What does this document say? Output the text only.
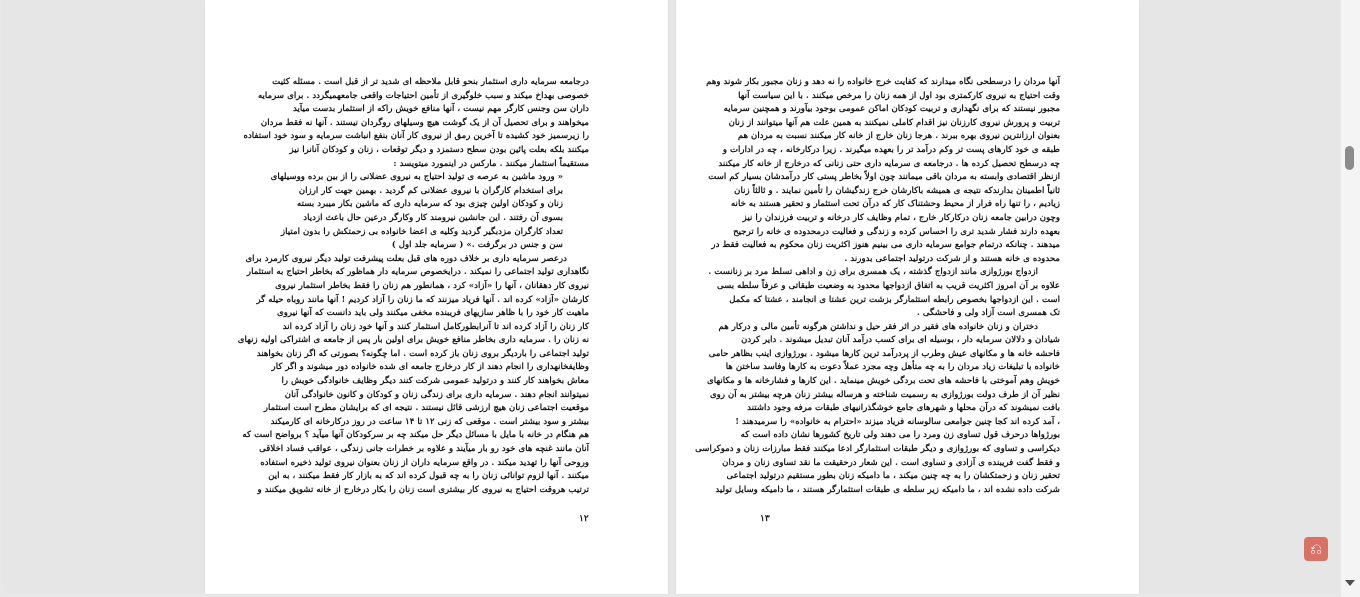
درجامعه سرمایه داری استثمار بنحو قابل ملاحظه ای شدید تر از قبل است . مسئله کثیت
خصوصی بهداخ میکند و سبب خلوگیری از تأمین احتیاجات واقعی جامعهمیگردد . برای سرمایه
داران سن وجنس کارگر مهم نیست ، آنها منافع خویش راکه از استثمار بدست میآید
میخواهند و برای تحصیل آن از یک گوشت هیچ وسیلهای روگردان نیستند . آنها نه فقط مردان
را زیرسمیز خود کشیده تا آخرین رمق از نیروی کار آنان بنفع انباشت سرمایه و سود خود استفاده
میکنند بلکه بعلت پائین بودن سطح دستمزد و دیگر توقعات ، زنان و کودکان آنانرا نیز
مستقیماً استثمار میکنند . مارکس در اینمورد میتویسد :
« ورود ماشین به عرصه ی تولید احتیاج به نیروی عضلانی را از بین برده ووسیلهای
برای استخدام کارگران با نیروی عضلانی کم گردید . بهمین جهت کار ارزان
زنان و کودکان اولین چیزی بود که سرمایه داری که ماشین بکار میبرد بسته
بسوی آن رفتند . این جانشین نیرومند کار وکارگر درعین حال باعث ازدیاد
تعداد کارگران مزدبگیر گردید وکلیه ی اعضا خانواده بی زحمتکش را بدون امتیاز
سن و جنس در برگرفت .» ( سرمایه جلد اول )
درعصر سرمایه داری بر خلاف دوره های قبل بعلت پیشرفت تولید دیگر نیروی کارمرد برای
نگاهداری تولید اجتماعی را نمیکند . درایخصوص سرمایه دار هماظور که بخاطر احتیاج به استثمار
نیروی کار دهقانان ، آنها را «آزاد» کرد ، همانطور هم زنان را فقط بخاطر استثمار نیروی
کارشان «آزاد» کرده اند . آنها فریاد میزنند که ما زنان را آزاد کردیم ! آنها مانند روباه حیله گر
ماهیت کار خود را با ظاهر سازیهای فریبنده مخفی میکنند ولی باید دانست که آنها نیروی
کار زنان را آزاد کرده اند تا آنرابطورکامل استثمار کنند و آنها خود زنان را آزاد کرده اند
نه زنان را . سرمایه داری بخاطر منافع خویش برای اولین بار پس از جامعه ی اشتراکی اولیه زنهای
تولید اجتماعی را باردیگر بروی زنان باز کرده است . اما چگونه؟ بصورتی که اگر زنان بخواهند
وظایفخانهداری را انجام دهند از کار درخارج جامعه ای شده خانواده دور میشوند و اگر کار
معاش بخواهند کار کنند و درتولید عمومی شرکت کنند دیگر وظایف خانوادگی خویش را
نمیتوانند انجام دهند . سرمایه داری برای زندگی زنان و کودکان و کانون خانوادگی آنان
موقعیت اجتماعی زنان هیچ ارزشی قائل نیستند . نتیجه ای که برایشان مطرح است استثمار
بیشتر و سود بیشتر است . موقعی که زنی ۱۲ تا ۱۴ ساعت در روز درکارخانه ای کارمیکند
هم هنگام در خانه با مایل با مسائل دیگر حل میکند چه بر سرکودکان آنها میآید ؟ برواضح است که
آنان مانند غنچه های خود رو بار میآیند و علاوه بر خطرات جانی زندگی ، عواقب فساد اخلاقی
وروحی آنها را تهدید میکند . در واقع سرمایه داران از زنان بعنوان نیروی تولید ذخیره استفاده
میکنند . آنها لزوم توانائی زنان را به چه قبول کرده اند که به بازار کار فقط میکنند ، به این
ترتیب هروقت احتیاج به نیروی کار بیشتری است زنان را بکار درخارج از خانه تشویق میکنند و
۱۲
آنها مردان را درسطحی نگاه میدارند که کفایت خرج خانواده را نه دهد و زنان مجبور بکار شوند وهم
وقت احتیاج به نیروی کارکمتری بود اول از همه زنان را مرخص میکنند . با این سیاست آنها
مجبور نیستند که برای نگهداری و تربیت کودکان اماکن عمومی بوجود بیآورند و همچنین سرمایه
تربیت و پرورش نیروی کارزنان نیز اقدام کاملی نمیکنند به همین علت هم آنها میتوانند از زنان
بعنوان ارزانترین نیروی بهره ببرند . هرجا زنان خارج از خانه کار میکنند نسبت به مردان هم
طبقه ی خود کارهای پست تر وکم درآمد تر را بعهده میگیرند . زیرا درکارخانه ، چه در ادارات و
چه درسطح تحصیل کرده ها . درجامعه ی سرمایه داری حتی زنانی که درخارج از خانه کار میکنند
ازنظر اقتصادی وابسته به مردان باقی میمانند چون اولاً بخاطر پستی کار درآمدشان بسیار کم است
ثانیاً اطمینان بدارندکه نتیجه ی همیشه باکارشان خرج زندگیشان را تأمین نمایند . و ثالثاً زنان
زیادیم ، را تنها راه فرار از محیط وحشتناک کار که درآن تحت استثمار و تحقیر هستند به خانه
وچون درابین جامعه زنان درکارکار خارج ، تمام وظایف کار درخانه و تربیت فرزندان را نیز
بعهده دارند فشار شدید تری را احساس کرده و زندگی و فعالیت درمحدوده ی خانه را ترجیح
میدهند . چنانکه درتمام جوامع سرمایه داری می بینیم هنوز اکثریت زنان محکوم به فعالیت فقط در
محدوده ی خانه هستند و از شرکت درتولید اجتماعی بدورند .
ازدواج بورژوازی مانند ازدواج گذشته ، یک همسری برای زن و اداهی تسلط مرد بر زنانست .
علاوه بر آن امروز اکثریت قریب به اتفاق ازدواجها محدود به وضعیت طبقاتی و عرفاً سلطه بسی
است . این ازدواجها بخصوص رابطه استثمارگر بزشت ترین عشتا ی انجامند ، عشتا که مکمل
تک همسری است آزاد ولی و فاحشگی .
دختران و زنان خانواده های فقیر در اثر فقر حیل و نداشتن هرگونه تأمین مالی و درکار هم
شیادان و دلالان سرمایه دار ، بوسیله ای برای کسب درآمد آنان تبدیل میشوند . دایر کردن
فاحشه خانه ها و مکانهای عیش وطرب از پردرآمد ترین کارها میشود . بورژوازی اینب بظاهر حامی
خانواده با تبلیغات زیاد مردان را به چه متأهل وچه مجرد عملاً دعوت به کارها وفاسد ساختن ها
خویش وهم آموختی با فاحشه های تحت بردگی خویش مینماید . این کارها و فشارخانه ها و مکانهای
نظیر آن از طرف دولت بورژوازی به رسمیت شناخته و هرساله بیشتر زنان هرچه بیشتر به آن روی
بافت نمیشوند که درآن محلها و شهرهای جامع خوشگذرانیهای طبقات مرفه وجود داشتند
، آمد کرده اند کجا چنین جوامعی سالوسانه فریاد میزند «احترام به خانواده» را سرمیدهند !
بورژواها درحرف قول تساوی زن ومرد را می دهند ولی تاریخ کشورها نشان داده است که
دیکراسی و تساوی که بورژوازی و دیگر طبقات استثمارگر ادعا میکنند فقط مبارزات زنان و دموکراسی
و فقط گفت فریبنده ی آزادی و تساوی است . این شعار درحقیقت ما نقد تساوی زنان و مردان
تحقیر زنان و زحمتکشان را به چه چنین میکند ، ما دامیکه زنان بطور مستقیم درتولید اجتماعی
شرکت داده نشده اند ، ما دامیکه زیر سلطه ی طبقات استثمارگر هستند ، ما دامیکه وسایل تولید
۱۳
⎌
